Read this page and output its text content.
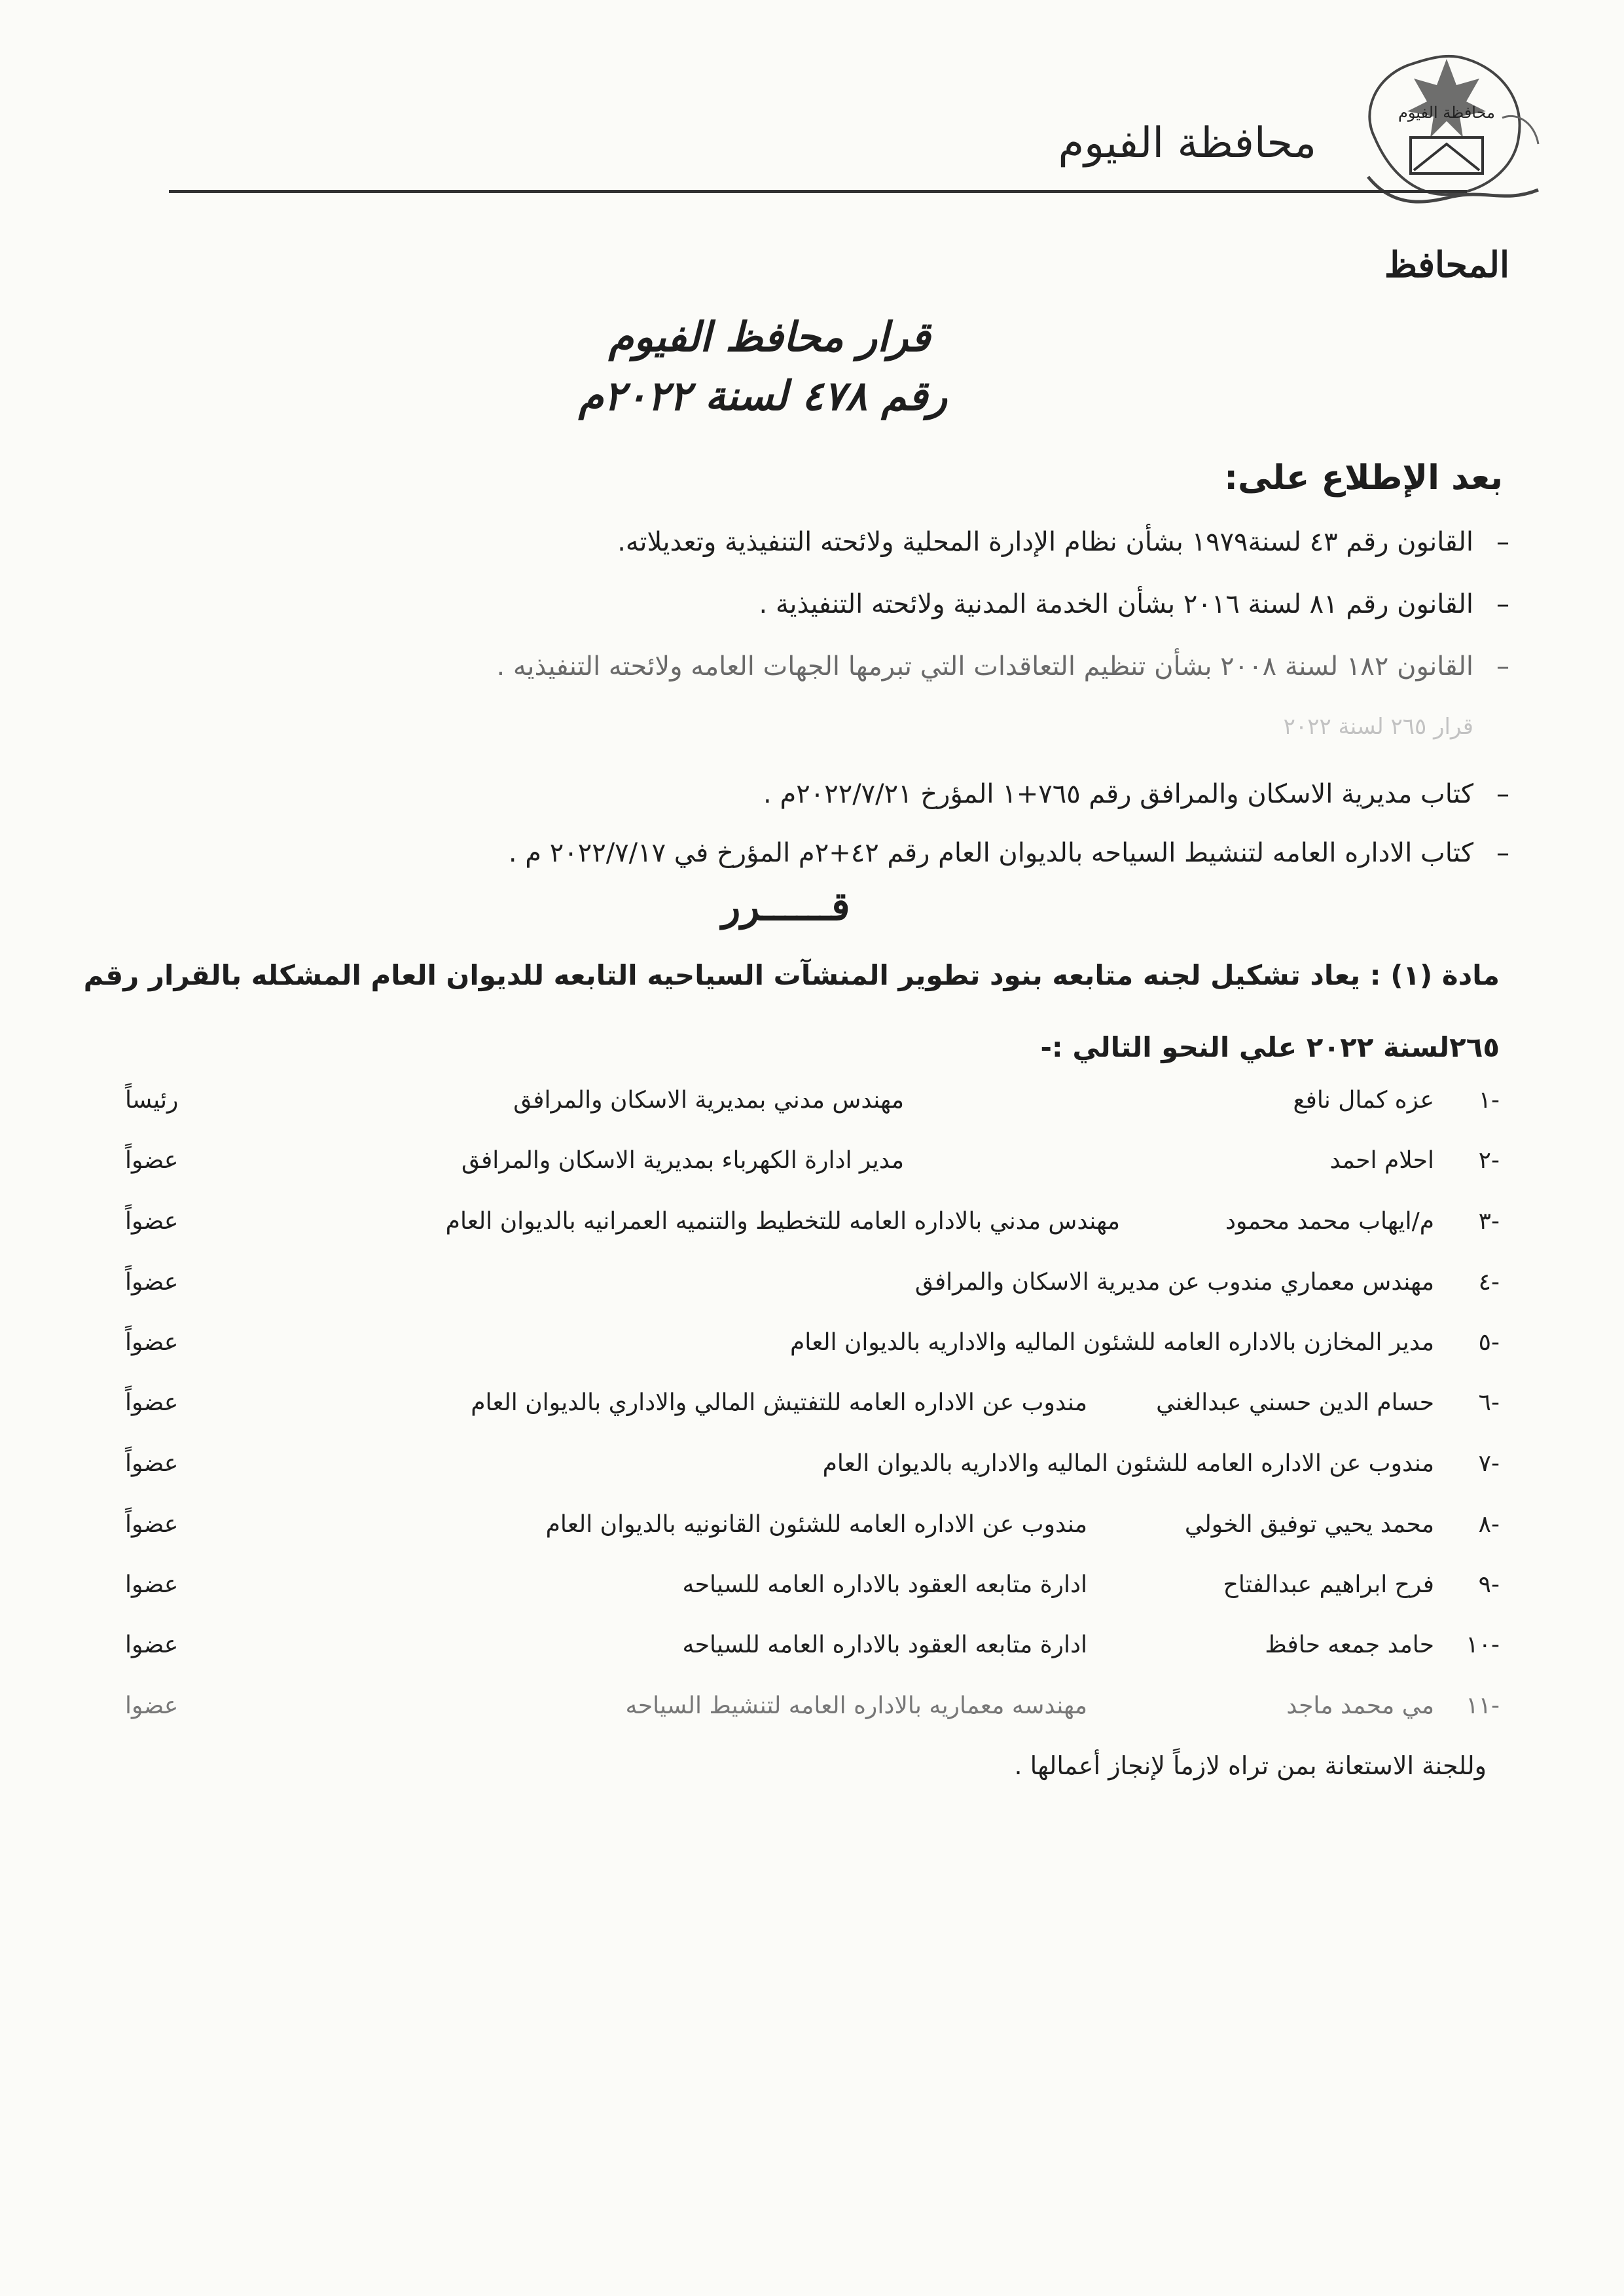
محافظة الفيوم
محافظة الفيوم
المحافظ
قرار محافظ الفيوم
رقم ٤٧٨ لسنة ٢٠٢٢م
بعد الإطلاع على:
–
القانون رقم ٤٣ لسنة١٩٧٩ بشأن نظام الإدارة المحلية ولائحته التنفيذية وتعديلاته.
–
القانون رقم ٨١ لسنة ٢٠١٦ بشأن الخدمة المدنية ولائحته التنفيذية .
–
القانون ١٨٢ لسنة ٢٠٠٨ بشأن تنظيم التعاقدات التي تبرمها الجهات العامه ولائحته التنفيذيه .
قرار ٢٦٥ لسنة ٢٠٢٢
–
كتاب مديرية الاسكان والمرافق رقم ٧٦٥+١ المؤرخ ٢٠٢٢/٧/٢١م .
–
كتاب الاداره العامه لتنشيط السياحه بالديوان العام رقم ٤٢+٢م المؤرخ في ٢٠٢٢/٧/١٧ م .
قــــــرر
مادة (١) : يعاد تشكيل لجنه متابعه بنود تطوير المنشآت السياحيه التابعه للديوان العام المشكله بالقرار رقم
٢٦٥لسنة ٢٠٢٢ علي النحو التالي :-
-١
عزه كمال نافع
مهندس مدني بمديرية الاسكان والمرافق
رئيساً
-٢
احلام احمد
مدير ادارة الكهرباء بمديرية الاسكان والمرافق
عضواً
-٣
م/ايهاب محمد محمود
مهندس مدني بالاداره العامه للتخطيط والتنميه العمرانيه بالديوان العام
عضواً
-٤
مهندس معماري مندوب عن مديرية الاسكان والمرافق
عضواً
-٥
مدير المخازن بالاداره العامه للشئون الماليه والاداريه بالديوان العام
عضواً
-٦
حسام الدين حسني عبدالغني
مندوب عن الاداره العامه للتفتيش المالي والاداري بالديوان العام
عضواً
-٧
مندوب عن الاداره العامه للشئون الماليه والاداريه بالديوان العام
عضواً
-٨
محمد يحيي توفيق الخولي
مندوب عن الاداره العامه للشئون القانونيه بالديوان العام
عضواً
-٩
فرح ابراهيم عبدالفتاح
ادارة متابعه العقود بالاداره العامه للسياحه
عضوا
-١٠
حامد جمعه حافظ
ادارة متابعه العقود بالاداره العامه للسياحه
عضوا
-١١
مي محمد ماجد
مهندسه معماريه بالاداره العامه لتنشيط السياحه
عضوا
وللجنة الاستعانة بمن تراه لازماً لإنجاز أعمالها .
